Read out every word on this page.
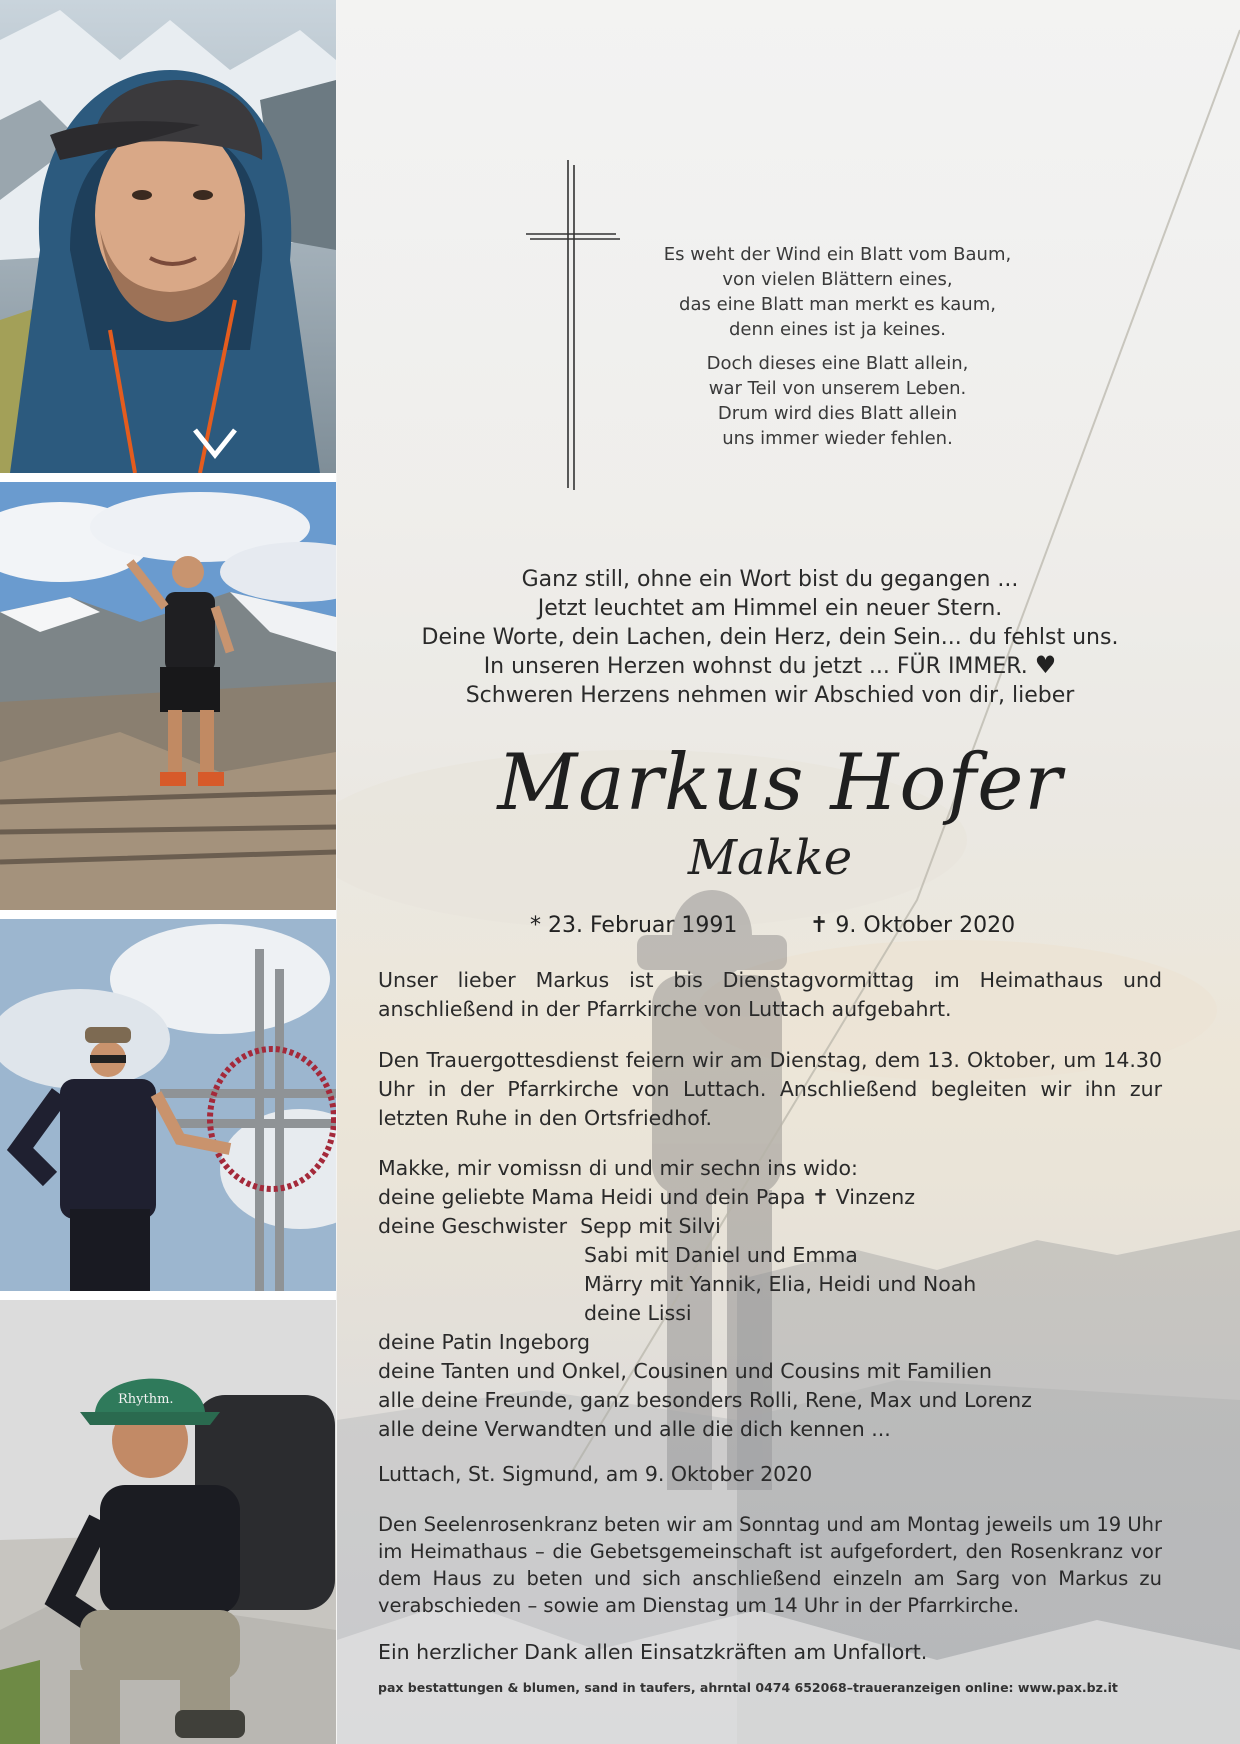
Rhythm.

Es weht der Wind ein Blatt vom Baum,

von vielen Blättern eines,

das eine Blatt man merkt es kaum,

denn eines ist ja keines.

Doch dieses eine Blatt allein,

war Teil von unserem Leben.

Drum wird dies Blatt allein

uns immer wieder fehlen.

Ganz still, ohne ein Wort bist du gegangen ...

Jetzt leuchtet am Himmel ein neuer Stern.

Deine Worte, dein Lachen, dein Herz, dein Sein... du fehlst uns.

In unseren Herzen wohnst du jetzt ... FÜR IMMER. ♥

Schweren Herzens nehmen wir Abschied von dir, lieber

Markus Hofer
Makke
* 23. Februar 1991	✝ 9. Oktober 2020
Unser lieber Markus ist bis Dienstagvormittag im Heimathaus und anschließend in der Pfarrkirche von Luttach aufgebahrt.
Den Trauergottesdienst feiern wir am Dienstag, dem 13. Oktober, um 14.30 Uhr in der Pfarrkirche von Luttach. Anschließend begleiten wir ihn zur letzten Ruhe in den Ortsfriedhof.

Makke, mir vomissn di und mir sechn ins wido:

deine geliebte Mama Heidi und dein Papa ✝ Vinzenz

deine Geschwister Sepp mit Silvi

Sabi mit Daniel und Emma

Märry mit Yannik, Elia, Heidi und Noah

deine Lissi

deine Patin Ingeborg

deine Tanten und Onkel, Cousinen und Cousins mit Familien

alle deine Freunde, ganz besonders Rolli, Rene, Max und Lorenz

alle deine Verwandten und alle die dich kennen ...

Luttach, St. Sigmund, am 9. Oktober 2020
Den Seelenrosenkranz beten wir am Sonntag und am Montag jeweils um 19 Uhr im Heimathaus – die Gebetsgemeinschaft ist aufgefordert, den Rosenkranz vor dem Haus zu beten und sich anschließend einzeln am Sarg von Markus zu verabschieden – sowie am Dienstag um 14 Uhr in der Pfarrkirche.
Ein herzlicher Dank allen Einsatzkräften am Unfallort.
pax bestattungen & blumen, sand in taufers, ahrntal 0474 652068–traueranzeigen online: www.pax.bz.it
